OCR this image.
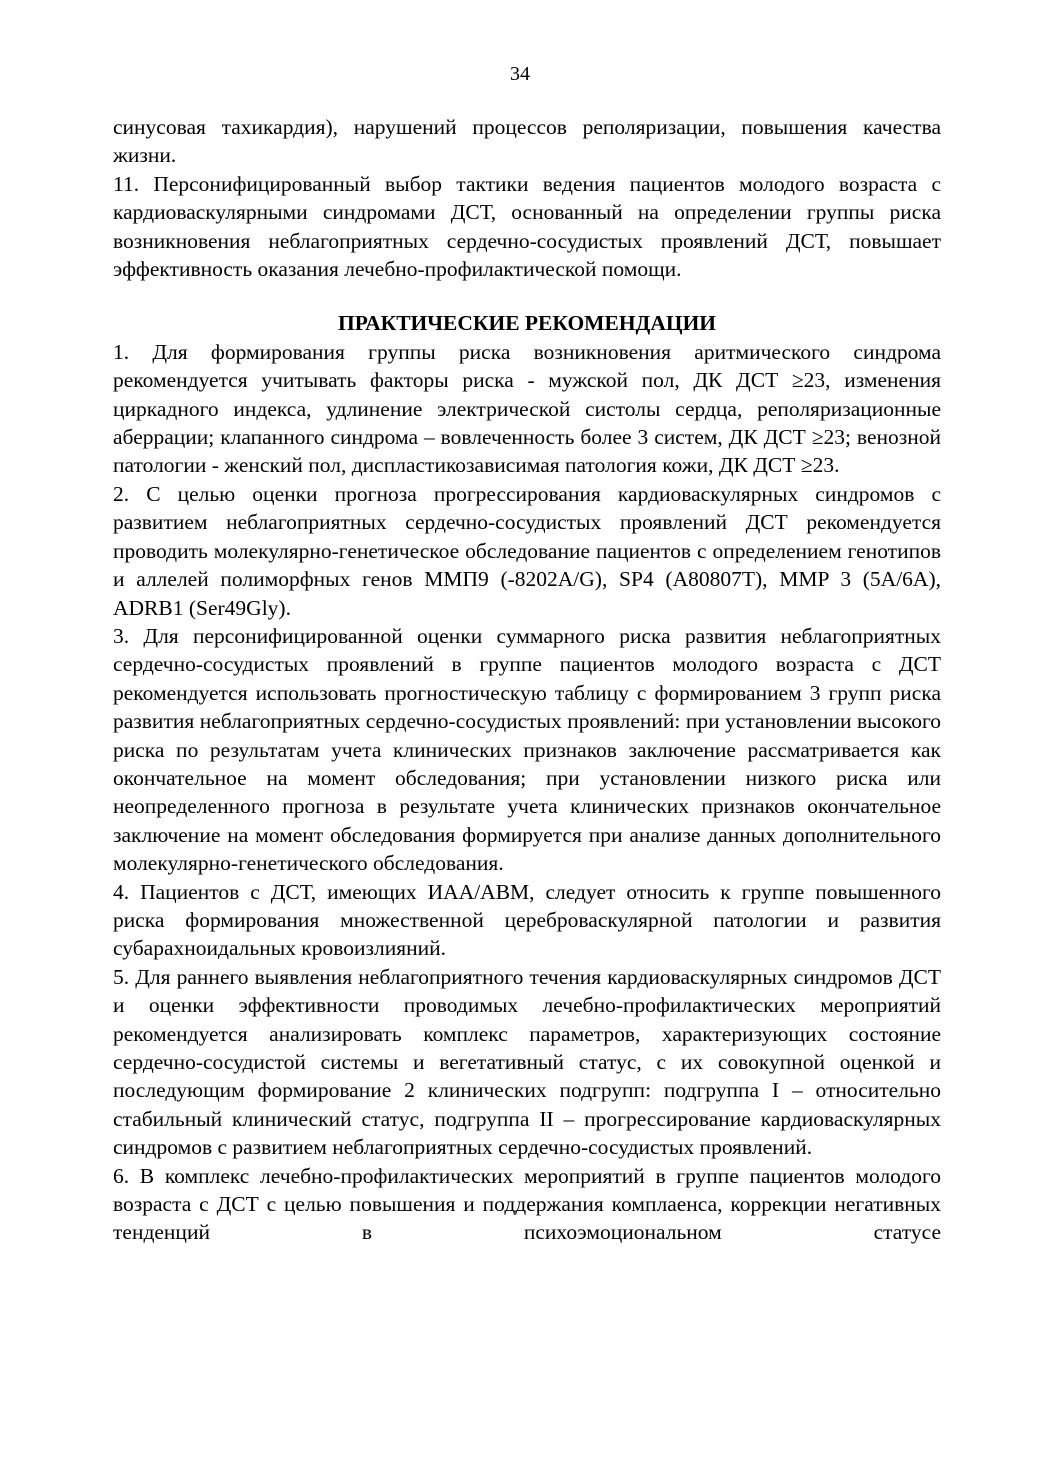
34

синусовая тахикардия), нарушений процессов реполяризации, повышения качества жизни.

11. Персонифицированный выбор тактики ведения пациентов молодого возраста с кардиоваскулярными синдромами ДСТ, основанный на определении группы риска возникновения неблагоприятных сердечно-сосудистых проявлений ДСТ, повышает эффективность оказания лечебно-профилактической помощи.

ПРАКТИЧЕСКИЕ РЕКОМЕНДАЦИИ

1. Для формирования группы риска возникновения аритмического синдрома рекомендуется учитывать факторы риска - мужской пол, ДК ДСТ ≥23, изменения циркадного индекса, удлинение электрической систолы сердца, реполяризационные аберрации; клапанного синдрома – вовлеченность более 3 систем, ДК ДСТ ≥23; венозной патологии - женский пол, диспластикозависимая патология кожи, ДК ДСТ ≥23.

2. С целью оценки прогноза прогрессирования кардиоваскулярных синдромов с развитием неблагоприятных сердечно-сосудистых проявлений ДСТ рекомендуется проводить молекулярно-генетическое обследование пациентов с определением генотипов и аллелей полиморфных генов ММП9 (-8202A/G), SP4 (A80807T), MMP 3 (5A/6A), ADRB1 (Ser49Gly).

3. Для персонифицированной оценки суммарного риска развития неблагоприятных сердечно-сосудистых проявлений в группе пациентов молодого возраста с ДСТ рекомендуется использовать прогностическую таблицу с формированием 3 групп риска развития неблагоприятных сердечно-сосудистых проявлений: при установлении высокого риска по результатам учета клинических признаков заключение рассматривается как окончательное на момент обследования; при установлении низкого риска или неопределенного прогноза в результате учета клинических признаков окончательное заключение на момент обследования формируется при анализе данных дополнительного молекулярно-генетического обследования.

4. Пациентов с ДСТ, имеющих ИАА/АВМ, следует относить к группе повышенного риска формирования множественной цереброваскулярной патологии и развития субарахноидальных кровоизлияний.

5. Для раннего выявления неблагоприятного течения кардиоваскулярных синдромов ДСТ и оценки эффективности проводимых лечебно-профилактических мероприятий рекомендуется анализировать комплекс параметров, характеризующих состояние сердечно-сосудистой системы и вегетативный статус, с их совокупной оценкой и последующим формирование 2 клинических подгрупп: подгруппа I – относительно стабильный клинический статус, подгруппа II – прогрессирование кардиоваскулярных синдромов с развитием неблагоприятных сердечно-сосудистых проявлений.

6. В комплекс лечебно-профилактических мероприятий в группе пациентов молодого возраста с ДСТ с целью повышения и поддержания комплаенса, коррекции негативных тенденций в психоэмоциональном статусе
